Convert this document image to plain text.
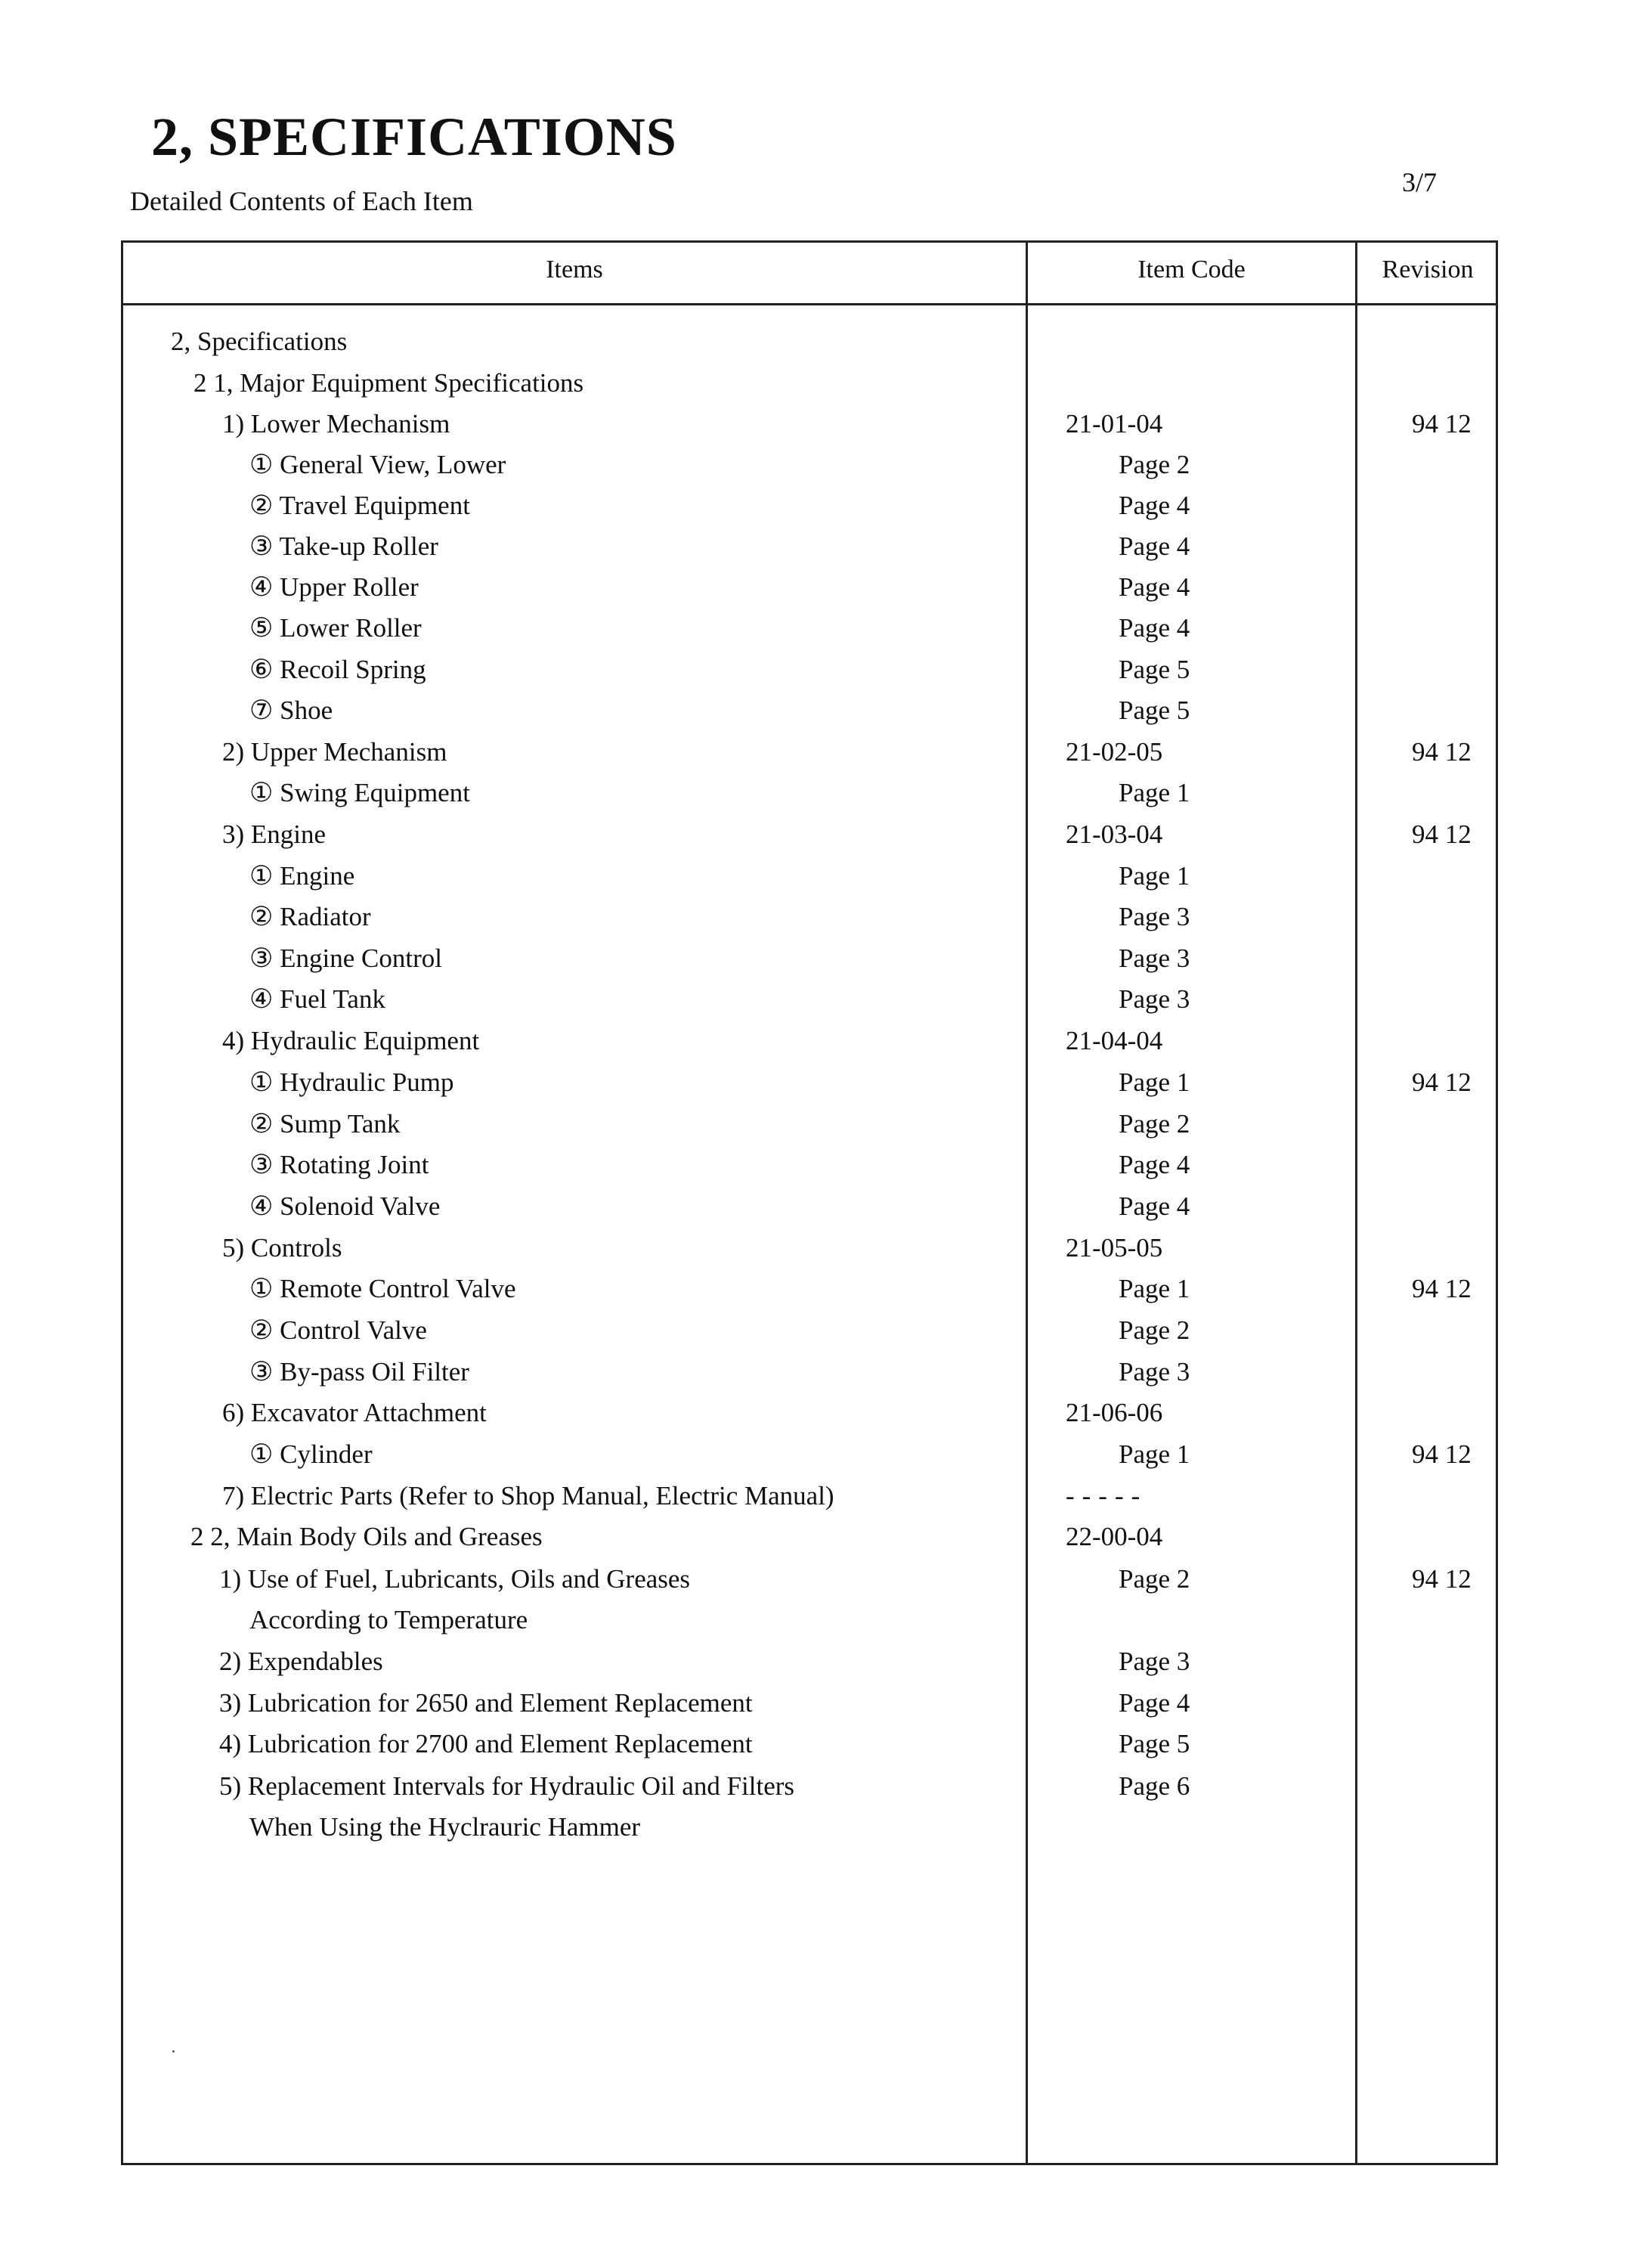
2, SPECIFICATIONS
Detailed Contents of Each Item
3/7
Items	Item Code	Revision
2, Specifications
2 1, Major Equipment Specifications
1) Lower Mechanism	21-01-04	94 12
① General View, Lower	Page 2
② Travel Equipment	Page 4
③ Take-up Roller	Page 4
④ Upper Roller	Page 4
⑤ Lower Roller	Page 4
⑥ Recoil Spring	Page 5
⑦ Shoe	Page 5
2) Upper Mechanism	21-02-05	94 12
① Swing Equipment	Page 1
3) Engine	21-03-04	94 12
① Engine	Page 1
② Radiator	Page 3
③ Engine Control	Page 3
④ Fuel Tank	Page 3
4) Hydraulic Equipment	21-04-04
① Hydraulic Pump	Page 1	94 12
② Sump Tank	Page 2
③ Rotating Joint	Page 4
④ Solenoid Valve	Page 4
5) Controls	21-05-05
① Remote Control Valve	Page 1	94 12
② Control Valve	Page 2
③ By-pass Oil Filter	Page 3
6) Excavator Attachment	21-06-06
① Cylinder	Page 1	94 12
7) Electric Parts (Refer to Shop Manual, Electric Manual)	-----
2 2, Main Body Oils and Greases	22-00-04
1) Use of Fuel, Lubricants, Oils and Greases	Page 2	94 12
According to Temperature
2) Expendables	Page 3
3) Lubrication for 2650 and Element Replacement	Page 4
4) Lubrication for 2700 and Element Replacement	Page 5
5) Replacement Intervals for Hydraulic Oil and Filters	Page 6
When Using the Hyclrauric Hammer
